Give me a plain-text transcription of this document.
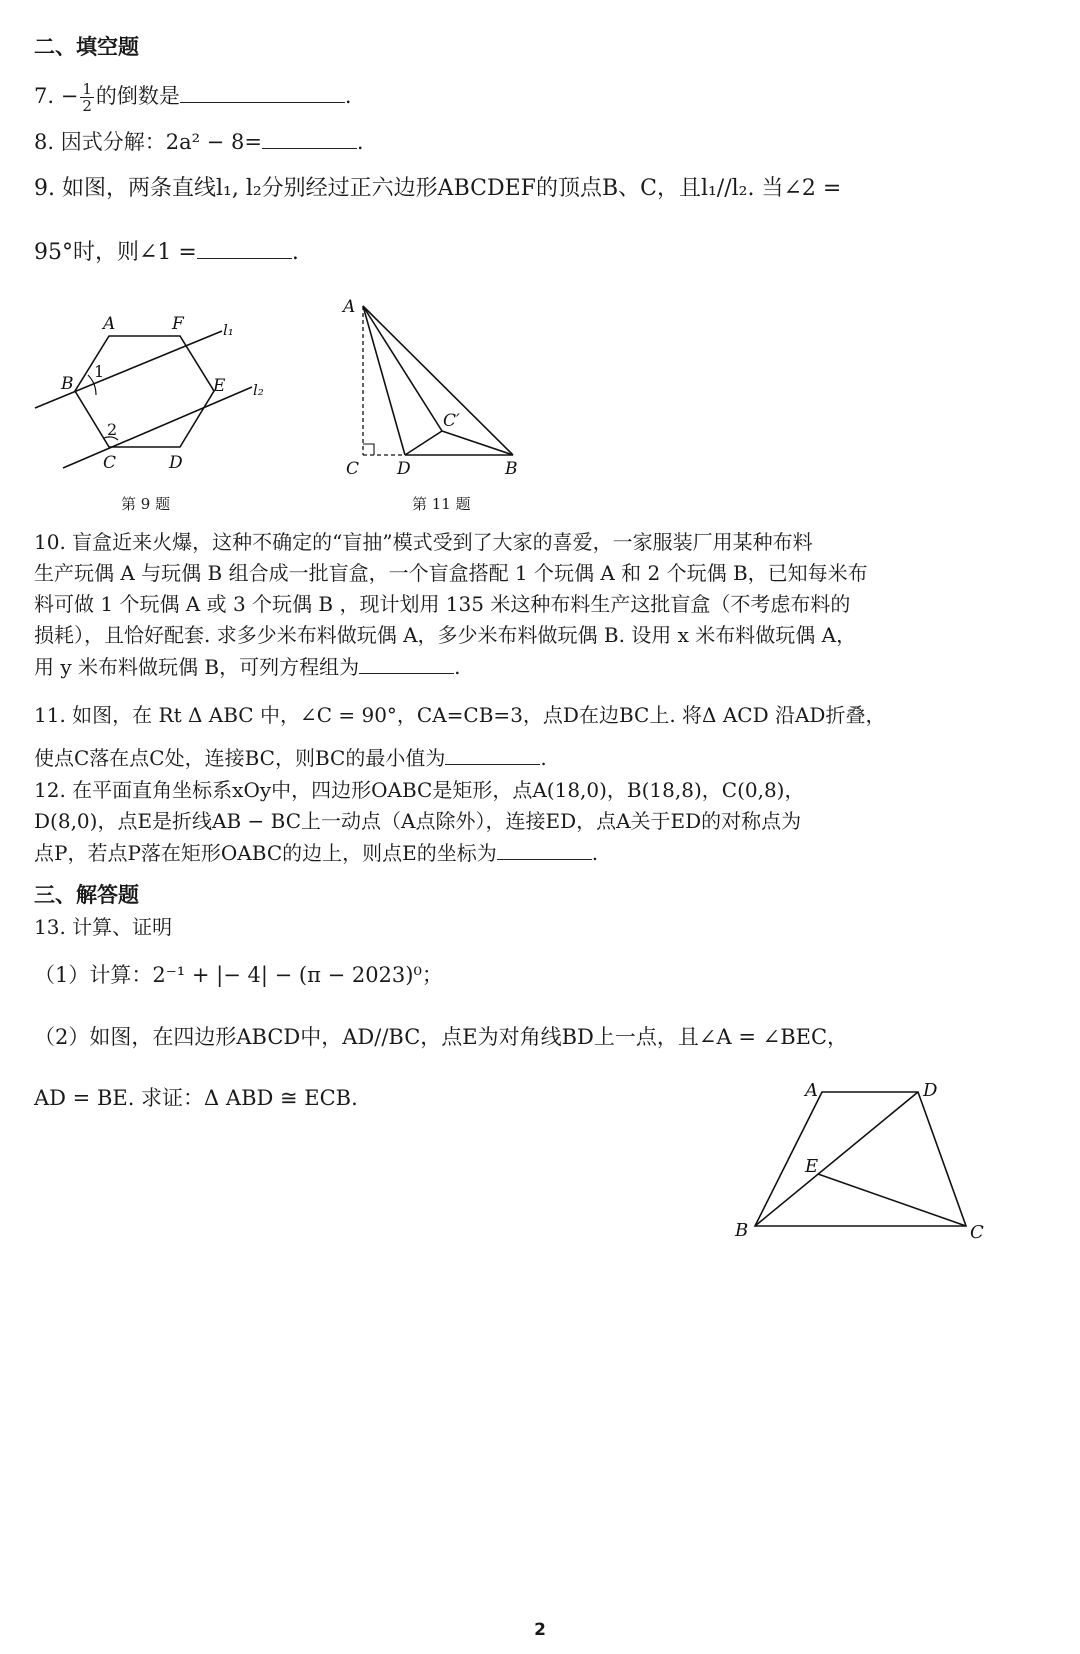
二、填空题
7. − $\frac{1}{2}$ 的倒数是	.
8. 因式分解：2a² − 8=	.
9. 如图，两条直线l₁, l₂分别经过正六边形ABCDEF的顶点B、C，且l₁//l₂. 当∠2 =
95°时，则∠1 =	.
A	F	l₁
B	E l₂
1
2
C	D
第 9 题
A
C′
C D	B
第 11 题
10. 盲盒近来火爆，这种不确定的“盲抽”模式受到了大家的喜爱，一家服装厂用某种布料
生产玩偶 A 与玩偶 B 组合成一批盲盒，一个盲盒搭配 1 个玩偶 A 和 2 个玩偶 B，已知每米布
料可做 1 个玩偶 A 或 3 个玩偶 B ，现计划用 135 米这种布料生产这批盲盒（不考虑布料的
损耗），且恰好配套. 求多少米布料做玩偶 A，多少米布料做玩偶 B. 设用 x 米布料做玩偶 A，
用 y 米布料做玩偶 B，可列方程组为	.
11. 如图，在 Rt Δ ABC 中，∠C = 90°，CA=CB=3，点D在边BC上. 将Δ ACD 沿AD折叠，
使点C落在点C处，连接BC，则BC的最小值为	.
12. 在平面直角坐标系xOy中，四边形OABC是矩形，点A(18,0)，B(18,8)，C(0,8)，
D(8,0)，点E是折线AB − BC上一动点（A点除外），连接ED，点A关于ED的对称点为
点P，若点P落在矩形OABC的边上，则点E的坐标为	.
三、解答题
13. 计算、证明
（1）计算：2⁻¹ + |− 4| − (π − 2023)⁰；
（2）如图，在四边形ABCD中，AD//BC，点E为对角线BD上一点，且∠A = ∠BEC，
AD = BE. 求证：Δ ABD ≅ ECB.	A	D
E
B	C
2
